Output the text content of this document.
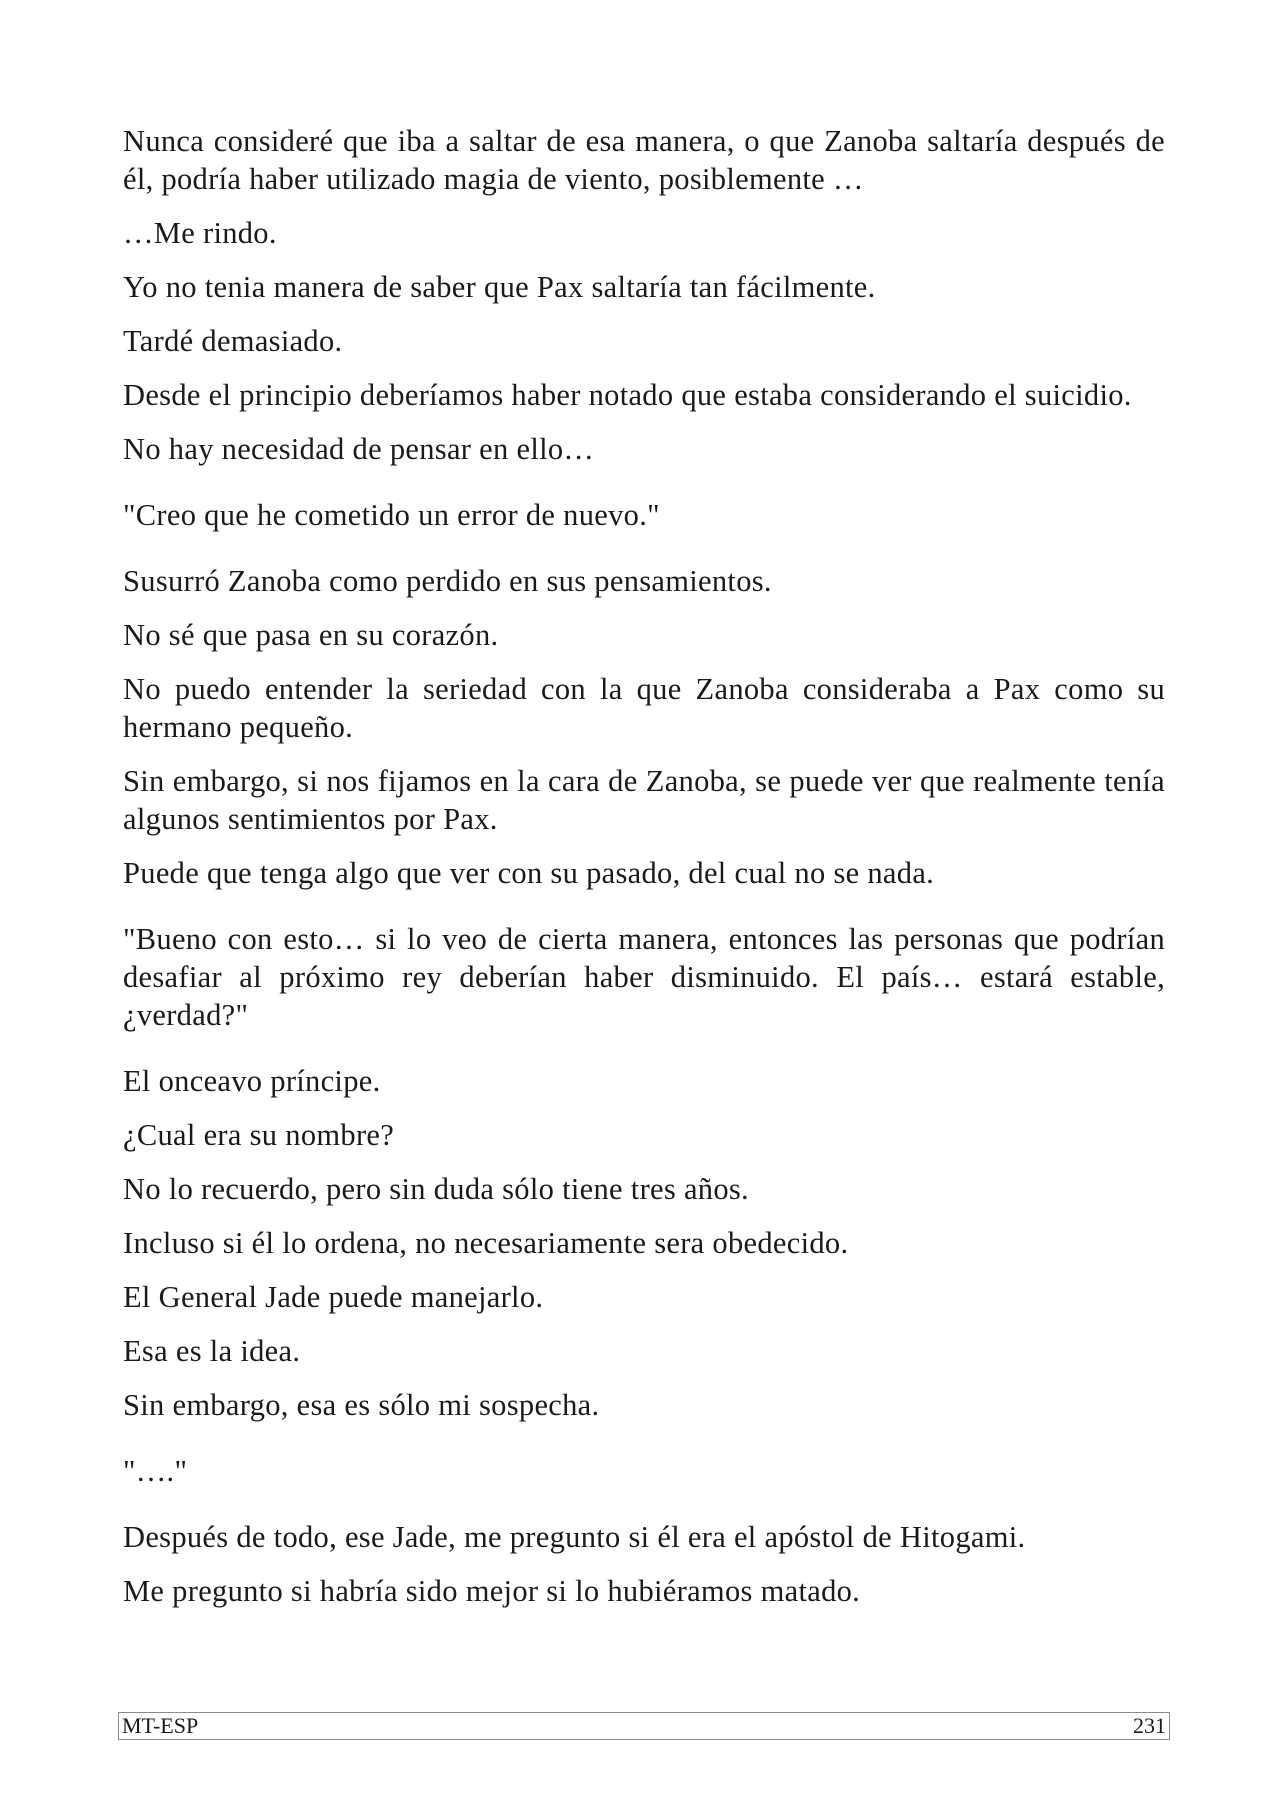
Nunca consideré que iba a saltar de esa manera, o que Zanoba saltaría después de él, podría haber utilizado magia de viento, posiblemente …

…Me rindo.

Yo no tenia manera de saber que Pax saltaría tan fácilmente.

Tardé demasiado.

Desde el principio deberíamos haber notado que estaba considerando el suicidio.

No hay necesidad de pensar en ello…

"Creo que he cometido un error de nuevo."

Susurró Zanoba como perdido en sus pensamientos.

No sé que pasa en su corazón.

No puedo entender la seriedad con la que Zanoba consideraba a Pax como su hermano pequeño.

Sin embargo, si nos fijamos en la cara de Zanoba, se puede ver que realmente tenía algunos sentimientos por Pax.

Puede que tenga algo que ver con su pasado, del cual no se nada.

"Bueno con esto… si lo veo de cierta manera, entonces las personas que podrían desafiar al próximo rey deberían haber disminuido. El país… estará estable, ¿verdad?"

El onceavo príncipe.

¿Cual era su nombre?

No lo recuerdo, pero sin duda sólo tiene tres años.

Incluso si él lo ordena, no necesariamente sera obedecido.

El General Jade puede manejarlo.

Esa es la idea.

Sin embargo, esa es sólo mi sospecha.

"…."

Después de todo, ese Jade, me pregunto si él era el apóstol de Hitogami.

Me pregunto si habría sido mejor si lo hubiéramos matado.

MT-ESP	231
